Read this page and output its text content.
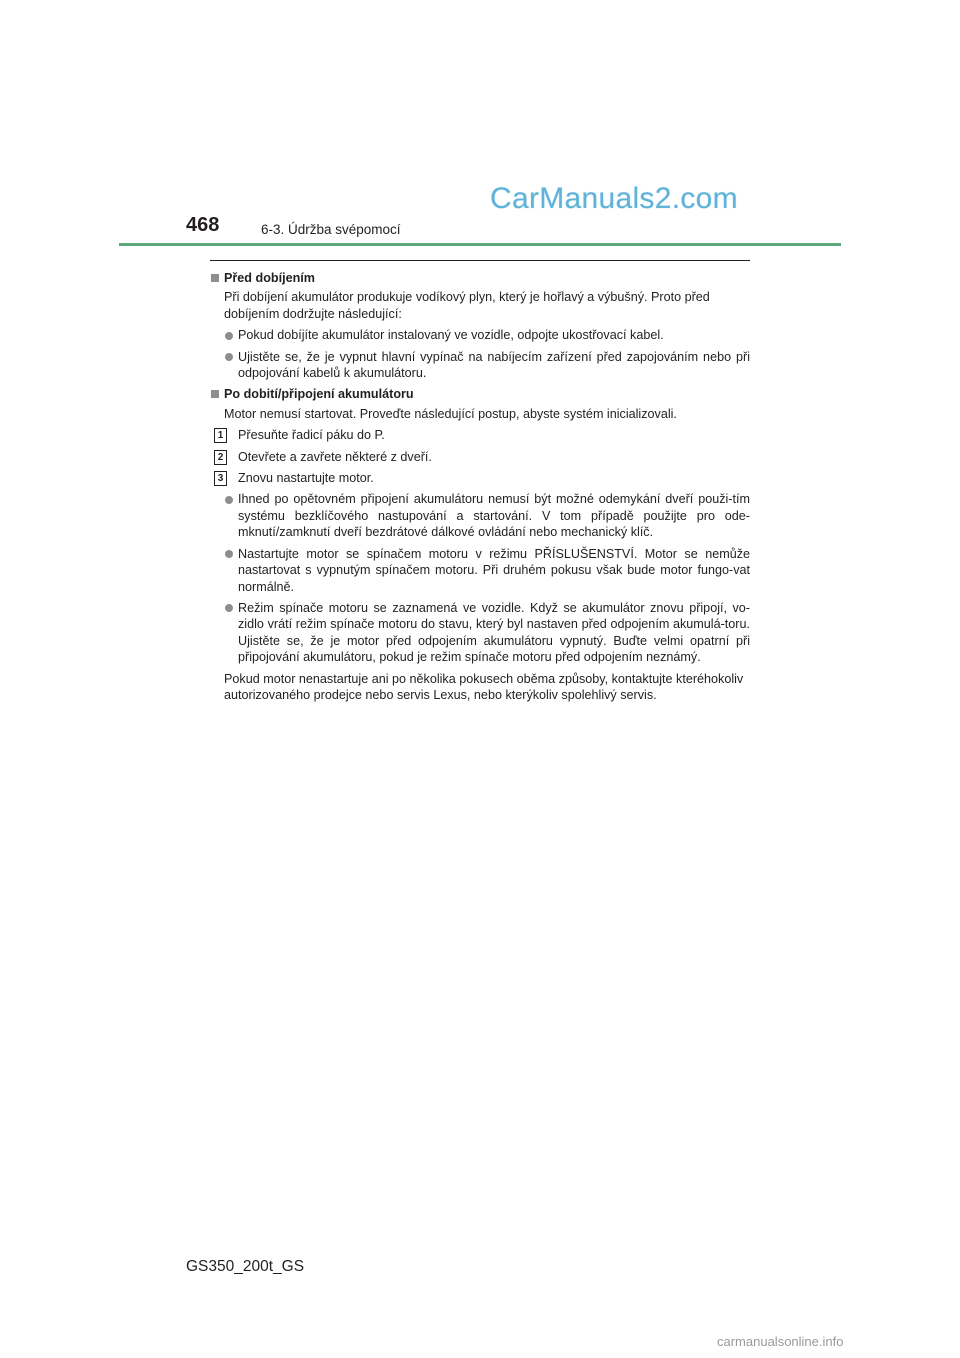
468	6-3. Údržba svépomocí
CarManuals2.com
Před dobíjením
Při dobíjení akumulátor produkuje vodíkový plyn, který je hořlavý a výbušný. Proto před dobíjením dodržujte následující:
Pokud dobíjíte akumulátor instalovaný ve vozidle, odpojte ukostřovací kabel.
Ujistěte se, že je vypnut hlavní vypínač na nabíjecím zařízení před zapojováním nebo při odpojování kabelů k akumulátoru.
Po dobití/připojení akumulátoru
Motor nemusí startovat. Proveďte následující postup, abyste systém inicializovali.
1 Přesuňte řadicí páku do P.
2 Otevřete a zavřete některé z dveří.
3 Znovu nastartujte motor.
Ihned po opětovném připojení akumulátoru nemusí být možné odemykání dveří použi-tím systému bezklíčového nastupování a startování. V tom případě použijte pro ode-mknutí/zamknutí dveří bezdrátové dálkové ovládání nebo mechanický klíč.
Nastartujte motor se spínačem motoru v režimu PŘÍSLUŠENSTVÍ. Motor se nemůže nastartovat s vypnutým spínačem motoru. Při druhém pokusu však bude motor fungo-vat normálně.
Režim spínače motoru se zaznamená ve vozidle. Když se akumulátor znovu připojí, vo-zidlo vrátí režim spínače motoru do stavu, který byl nastaven před odpojením akumulá-toru. Ujistěte se, že je motor před odpojením akumulátoru vypnutý. Buďte velmi opatrní při připojování akumulátoru, pokud je režim spínače motoru před odpojením neznámý.
Pokud motor nenastartuje ani po několika pokusech oběma způsoby, kontaktujte kteréhokoliv autorizovaného prodejce nebo servis Lexus, nebo kterýkoliv spolehlivý servis.
GS350_200t_GS
carmanualsonline.info
